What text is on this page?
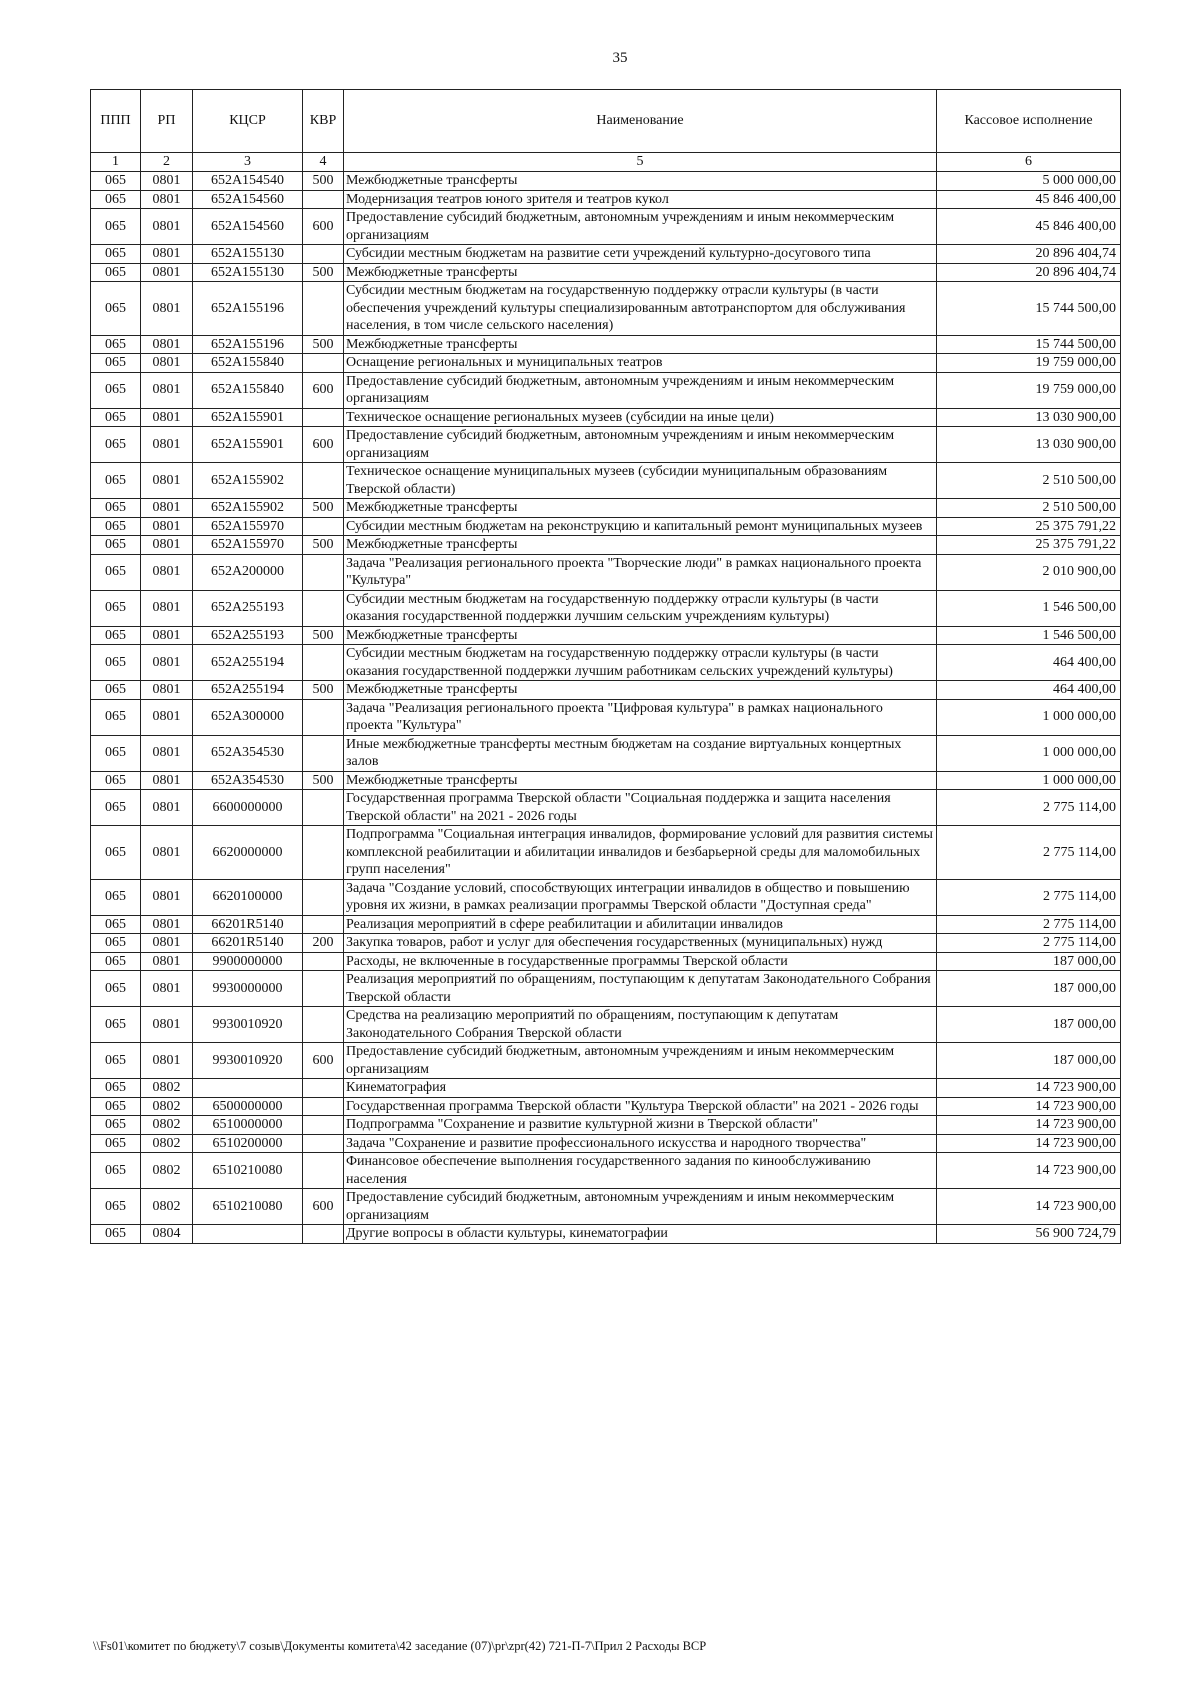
35
ППП	РП	КЦСР	КВР	Наименование	Кассовое исполнение
1	2	3	4	5	6
065	0801	652A154540	500	Межбюджетные трансферты	5 000 000,00
065	0801	652A154560		Модернизация театров юного зрителя и театров кукол	45 846 400,00
065	0801	652A154560	600	Предоставление субсидий бюджетным, автономным учреждениям и иным некоммерческим организациям	45 846 400,00
065	0801	652A155130		Субсидии местным бюджетам на развитие сети учреждений культурно-досугового типа	20 896 404,74
065	0801	652A155130	500	Межбюджетные трансферты	20 896 404,74
065	0801	652A155196		Субсидии местным бюджетам на государственную поддержку отрасли культуры (в части обеспечения учреждений культуры специализированным автотранспортом для обслуживания населения, в том числе сельского населения)	15 744 500,00
065	0801	652A155196	500	Межбюджетные трансферты	15 744 500,00
065	0801	652A155840		Оснащение региональных и муниципальных театров	19 759 000,00
065	0801	652A155840	600	Предоставление субсидий бюджетным, автономным учреждениям и иным некоммерческим организациям	19 759 000,00
065	0801	652A155901		Техническое оснащение региональных музеев (субсидии на иные цели)	13 030 900,00
065	0801	652A155901	600	Предоставление субсидий бюджетным, автономным учреждениям и иным некоммерческим организациям	13 030 900,00
065	0801	652A155902		Техническое оснащение муниципальных музеев (субсидии муниципальным образованиям Тверской области)	2 510 500,00
065	0801	652A155902	500	Межбюджетные трансферты	2 510 500,00
065	0801	652A155970		Субсидии местным бюджетам на реконструкцию и капитальный ремонт муниципальных музеев	25 375 791,22
065	0801	652A155970	500	Межбюджетные трансферты	25 375 791,22
065	0801	652A200000		Задача "Реализация регионального проекта "Творческие люди" в рамках национального проекта "Культура"	2 010 900,00
065	0801	652A255193		Субсидии местным бюджетам на государственную поддержку отрасли культуры (в части оказания государственной поддержки лучшим сельским учреждениям культуры)	1 546 500,00
065	0801	652A255193	500	Межбюджетные трансферты	1 546 500,00
065	0801	652A255194		Субсидии местным бюджетам на государственную поддержку отрасли культуры (в части оказания государственной поддержки лучшим работникам сельских учреждений культуры)	464 400,00
065	0801	652A255194	500	Межбюджетные трансферты	464 400,00
065	0801	652A300000		Задача "Реализация регионального проекта "Цифровая культура" в рамках национального проекта "Культура"	1 000 000,00
065	0801	652A354530		Иные межбюджетные трансферты местным бюджетам на создание виртуальных концертных залов	1 000 000,00
065	0801	652A354530	500	Межбюджетные трансферты	1 000 000,00
065	0801	6600000000		Государственная программа Тверской области "Социальная поддержка и защита населения Тверской области" на 2021 - 2026 годы	2 775 114,00
065	0801	6620000000		Подпрограмма "Социальная интеграция инвалидов, формирование условий для развития системы комплексной реабилитации и абилитации инвалидов и безбарьерной среды для маломобильных групп населения"	2 775 114,00
065	0801	6620100000		Задача "Создание условий, способствующих интеграции инвалидов в общество и повышению уровня их жизни, в рамках реализации программы Тверской области "Доступная среда"	2 775 114,00
065	0801	66201R5140		Реализация мероприятий в сфере реабилитации и абилитации инвалидов	2 775 114,00
065	0801	66201R5140	200	Закупка товаров, работ и услуг для обеспечения государственных (муниципальных) нужд	2 775 114,00
065	0801	9900000000		Расходы, не включенные в государственные программы Тверской области	187 000,00
065	0801	9930000000		Реализация мероприятий по обращениям, поступающим к депутатам Законодательного Собрания Тверской области	187 000,00
065	0801	9930010920		Средства на реализацию мероприятий по обращениям, поступающим к депутатам Законодательного Собрания Тверской области	187 000,00
065	0801	9930010920	600	Предоставление субсидий бюджетным, автономным учреждениям и иным некоммерческим организациям	187 000,00
065	0802			Кинематография	14 723 900,00
065	0802	6500000000		Государственная программа Тверской области "Культура Тверской области" на 2021 - 2026 годы	14 723 900,00
065	0802	6510000000		Подпрограмма "Сохранение и развитие культурной жизни в Тверской области"	14 723 900,00
065	0802	6510200000		Задача "Сохранение и развитие профессионального искусства и народного творчества"	14 723 900,00
065	0802	6510210080		Финансовое обеспечение выполнения государственного задания по кинообслуживанию населения	14 723 900,00
065	0802	6510210080	600	Предоставление субсидий бюджетным, автономным учреждениям и иным некоммерческим организациям	14 723 900,00
065	0804			Другие вопросы в области культуры, кинематографии	56 900 724,79
\\Fs01\комитет по бюджету\7 созыв\Документы комитета\42 заседание (07)\pr\zpr(42) 721-П-7\Прил 2 Расходы ВСР
